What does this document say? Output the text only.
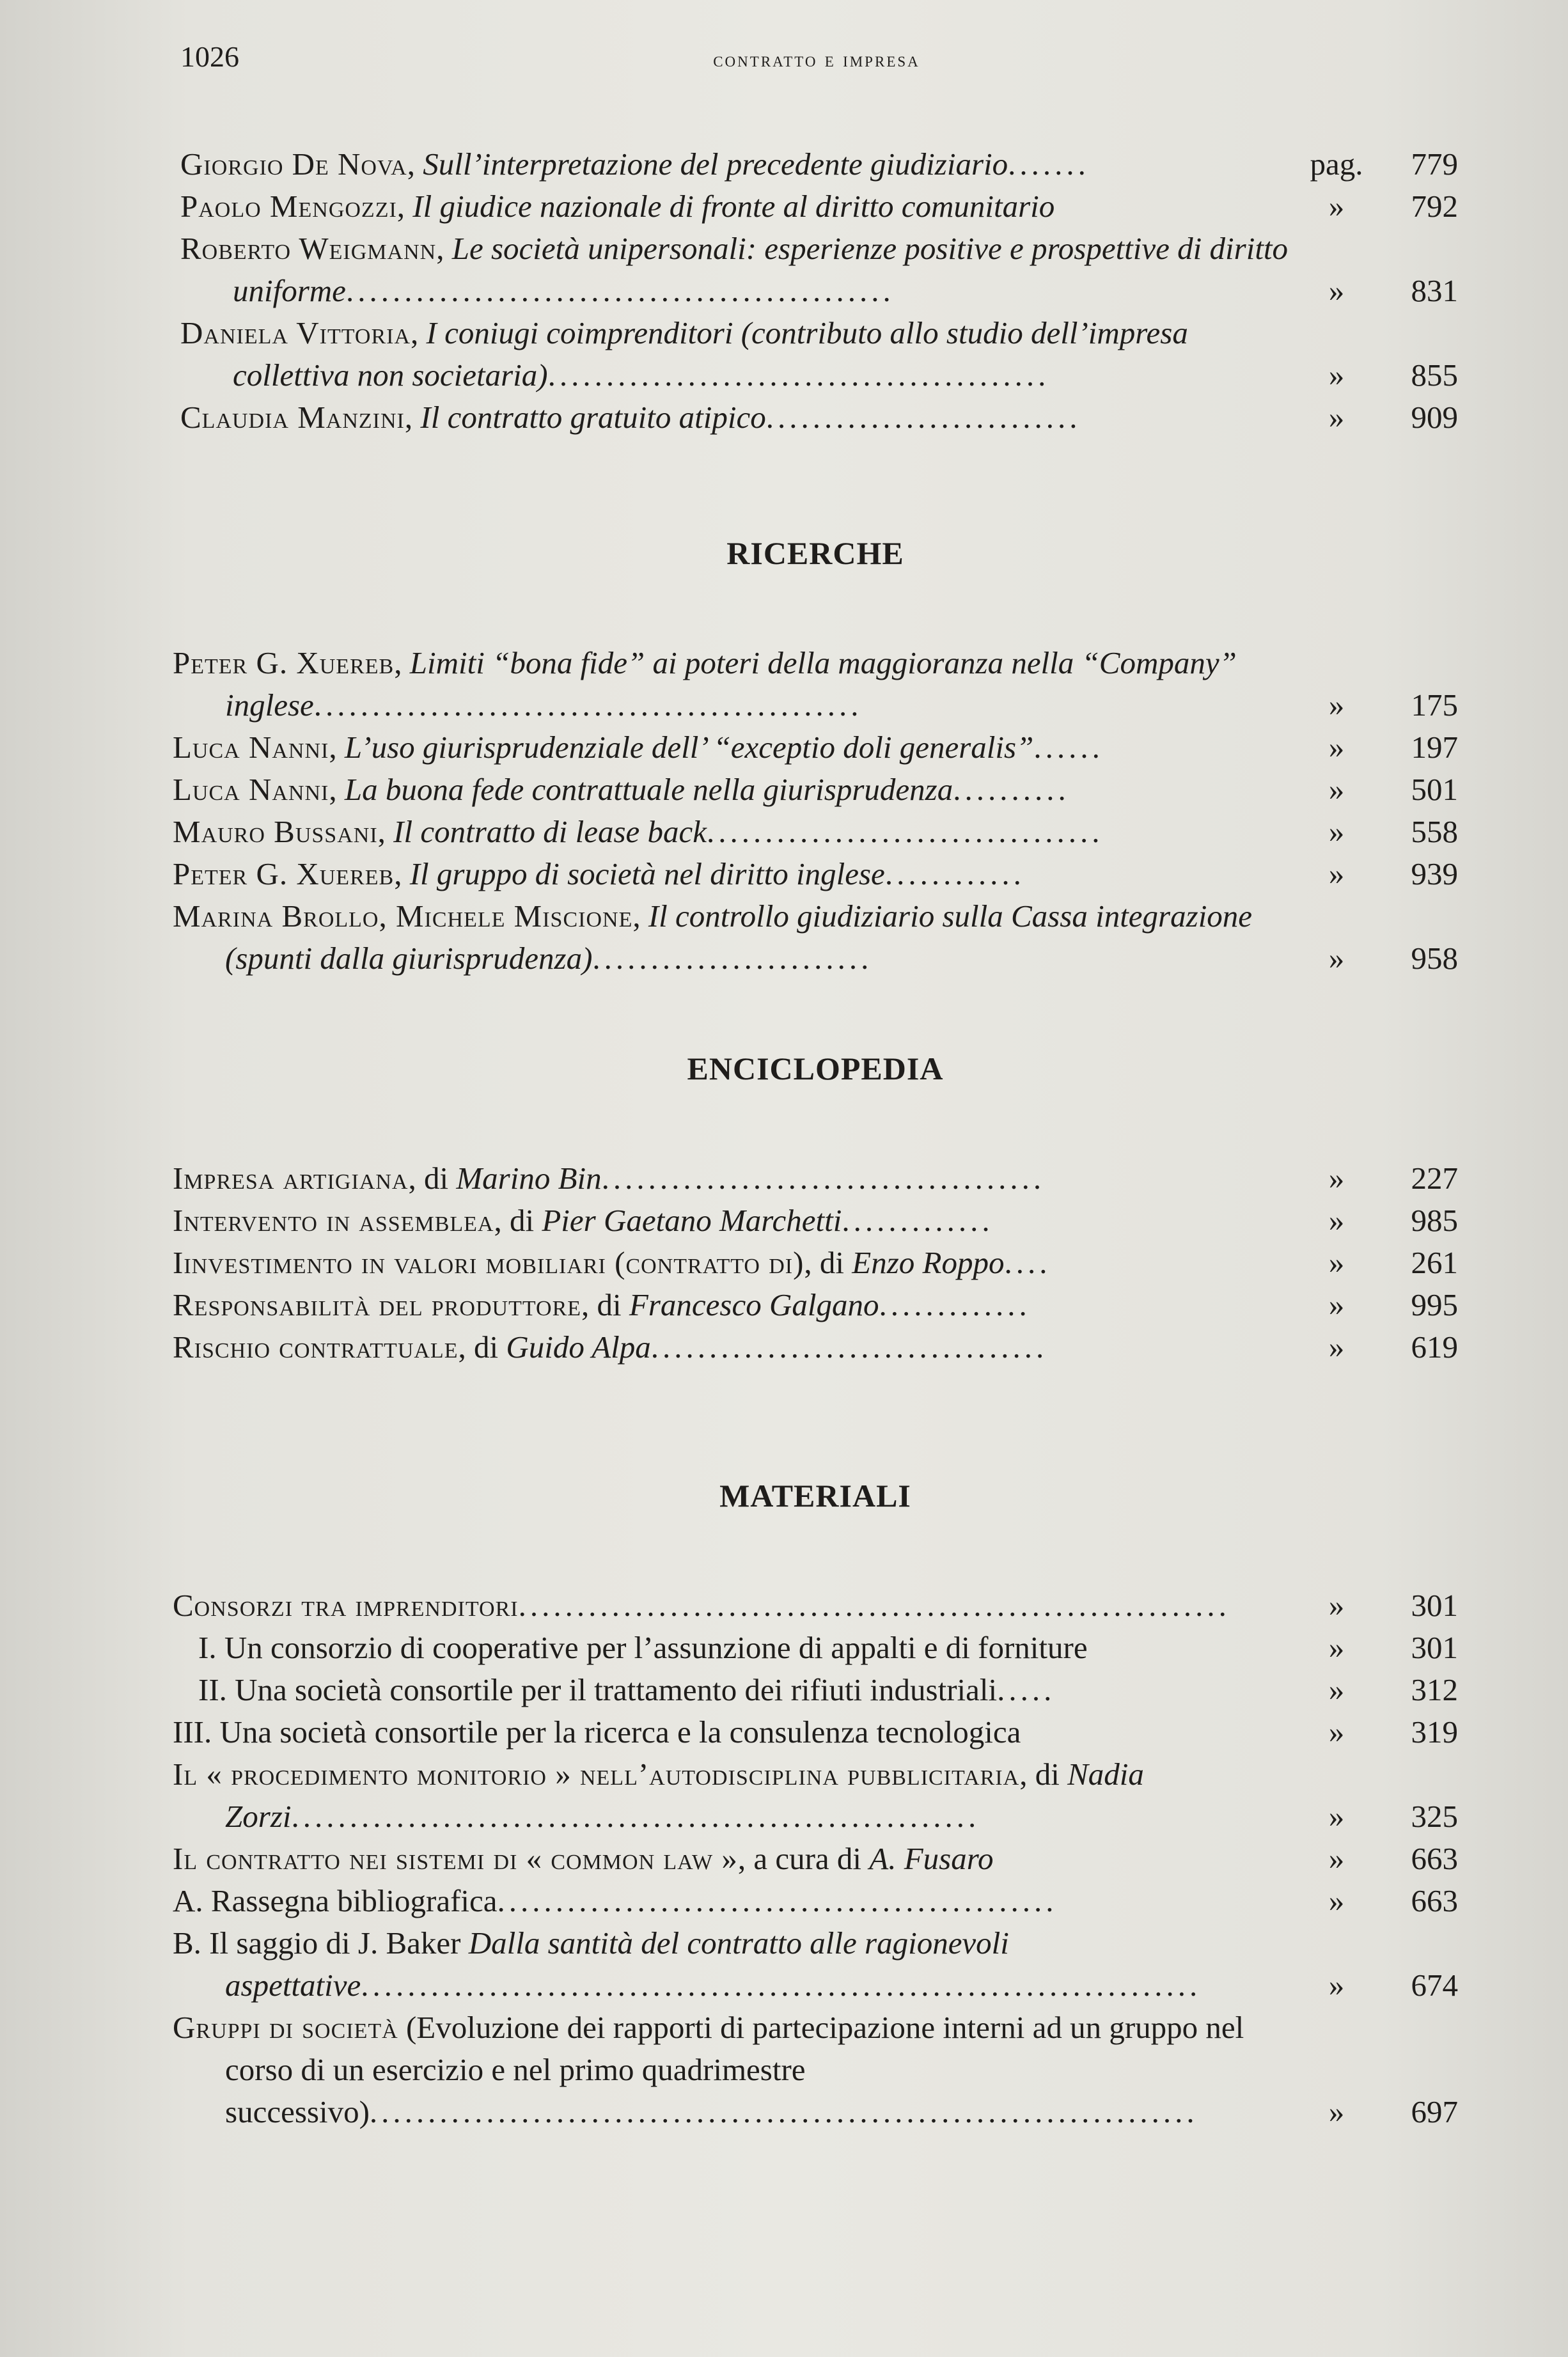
1026	contratto e impresa
Giorgio De Nova, Sull’interpretazione del precedente giudiziario.......	pag. 779
Paolo Mengozzi, Il giudice nazionale di fronte al diritto comunitario	»	792
Roberto Weigmann, Le società unipersonali: esperienze positive e prospettive di diritto uniforme...............................................	»	831
Daniela Vittoria, I coniugi coimprenditori (contributo allo studio dell’impresa collettiva non societaria)...........................................	»	855
Claudia Manzini, Il contratto gratuito atipico...........................	»	909
RICERCHE
Peter G. Xuereb, Limiti “bona fide” ai poteri della maggioranza nella “Company” inglese...............................................	»	175
Luca Nanni, L’uso giurisprudenziale dell’ “exceptio doli generalis”......	»	197
Luca Nanni, La buona fede contrattuale nella giurisprudenza..........	»	501
Mauro Bussani, Il contratto di lease back..................................	»	558
Peter G. Xuereb, Il gruppo di società nel diritto inglese............	»	939
Marina Brollo, Michele Miscione, Il controllo giudiziario sulla Cassa integrazione (spunti dalla giurisprudenza)........................	»	958
ENCICLOPEDIA
Impresa artigiana, di Marino Bin......................................	»	227
Intervento in assemblea, di Pier Gaetano Marchetti.............	»	985
Iinvestimento in valori mobiliari (contratto di), di Enzo Roppo....	»	261
Responsabilità del produttore, di Francesco Galgano.............	»	995
Rischio contrattuale, di Guido Alpa..................................	»	619
MATERIALI
Consorzi tra imprenditori.............................................................	»	301
I. Un consorzio di cooperative per l’assunzione di appalti e di forniture	»	301
II. Una società consortile per il trattamento dei rifiuti industriali.....	»	312
III. Una società consortile per la ricerca e la consulenza tecnologica	»	319
Il « procedimento monitorio » nell’autodisciplina pubblicitaria, di Nadia Zorzi...........................................................	»	325
Il contratto nei sistemi di « common law », a cura di A. Fusaro	»	663
A. Rassegna bibliografica................................................	»	663
B. Il saggio di J. Baker Dalla santità del contratto alle ragionevoli aspettative........................................................................	»	674
Gruppi di società (Evoluzione dei rapporti di partecipazione interni ad un gruppo nel corso di un esercizio e nel primo quadrimestre successivo).......................................................................	»	697
